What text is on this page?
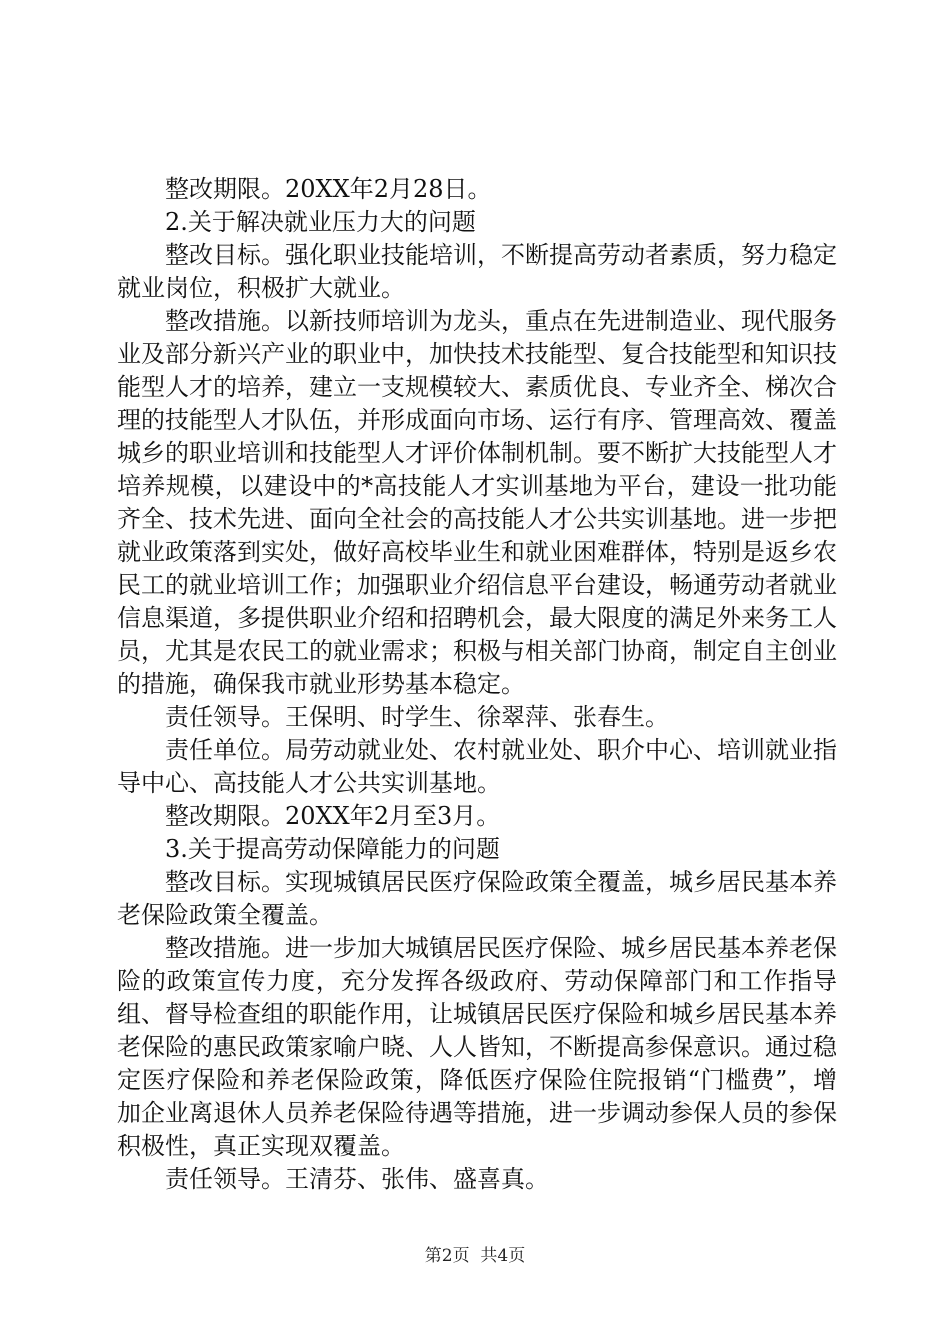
整改期限。20XX年2月28日。

2.关于解决就业压力大的问题

整改目标。强化职业技能培训，不断提高劳动者素质，努力稳定就业岗位，积极扩大就业。

整改措施。以新技师培训为龙头，重点在先进制造业、现代服务业及部分新兴产业的职业中，加快技术技能型、复合技能型和知识技能型人才的培养，建立一支规模较大、素质优良、专业齐全、梯次合理的技能型人才队伍，并形成面向市场、运行有序、管理高效、覆盖城乡的职业培训和技能型人才评价体制机制。要不断扩大技能型人才培养规模，以建设中的*高技能人才实训基地为平台，建设一批功能齐全、技术先进、面向全社会的高技能人才公共实训基地。进一步把就业政策落到实处，做好高校毕业生和就业困难群体，特别是返乡农民工的就业培训工作；加强职业介绍信息平台建设，畅通劳动者就业信息渠道，多提供职业介绍和招聘机会，最大限度的满足外来务工人员，尤其是农民工的就业需求；积极与相关部门协商，制定自主创业的措施，确保我市就业形势基本稳定。

责任领导。王保明、时学生、徐翠萍、张春生。

责任单位。局劳动就业处、农村就业处、职介中心、培训就业指导中心、高技能人才公共实训基地。

整改期限。20XX年2月至3月。

3.关于提高劳动保障能力的问题

整改目标。实现城镇居民医疗保险政策全覆盖，城乡居民基本养老保险政策全覆盖。

整改措施。进一步加大城镇居民医疗保险、城乡居民基本养老保险的政策宣传力度，充分发挥各级政府、劳动保障部门和工作指导组、督导检查组的职能作用，让城镇居民医疗保险和城乡居民基本养老保险的惠民政策家喻户晓、人人皆知，不断提高参保意识。通过稳定医疗保险和养老保险政策，降低医疗保险住院报销“门槛费”，增加企业离退休人员养老保险待遇等措施，进一步调动参保人员的参保积极性，真正实现双覆盖。

责任领导。王清芬、张伟、盛喜真。

第2页  共4页
